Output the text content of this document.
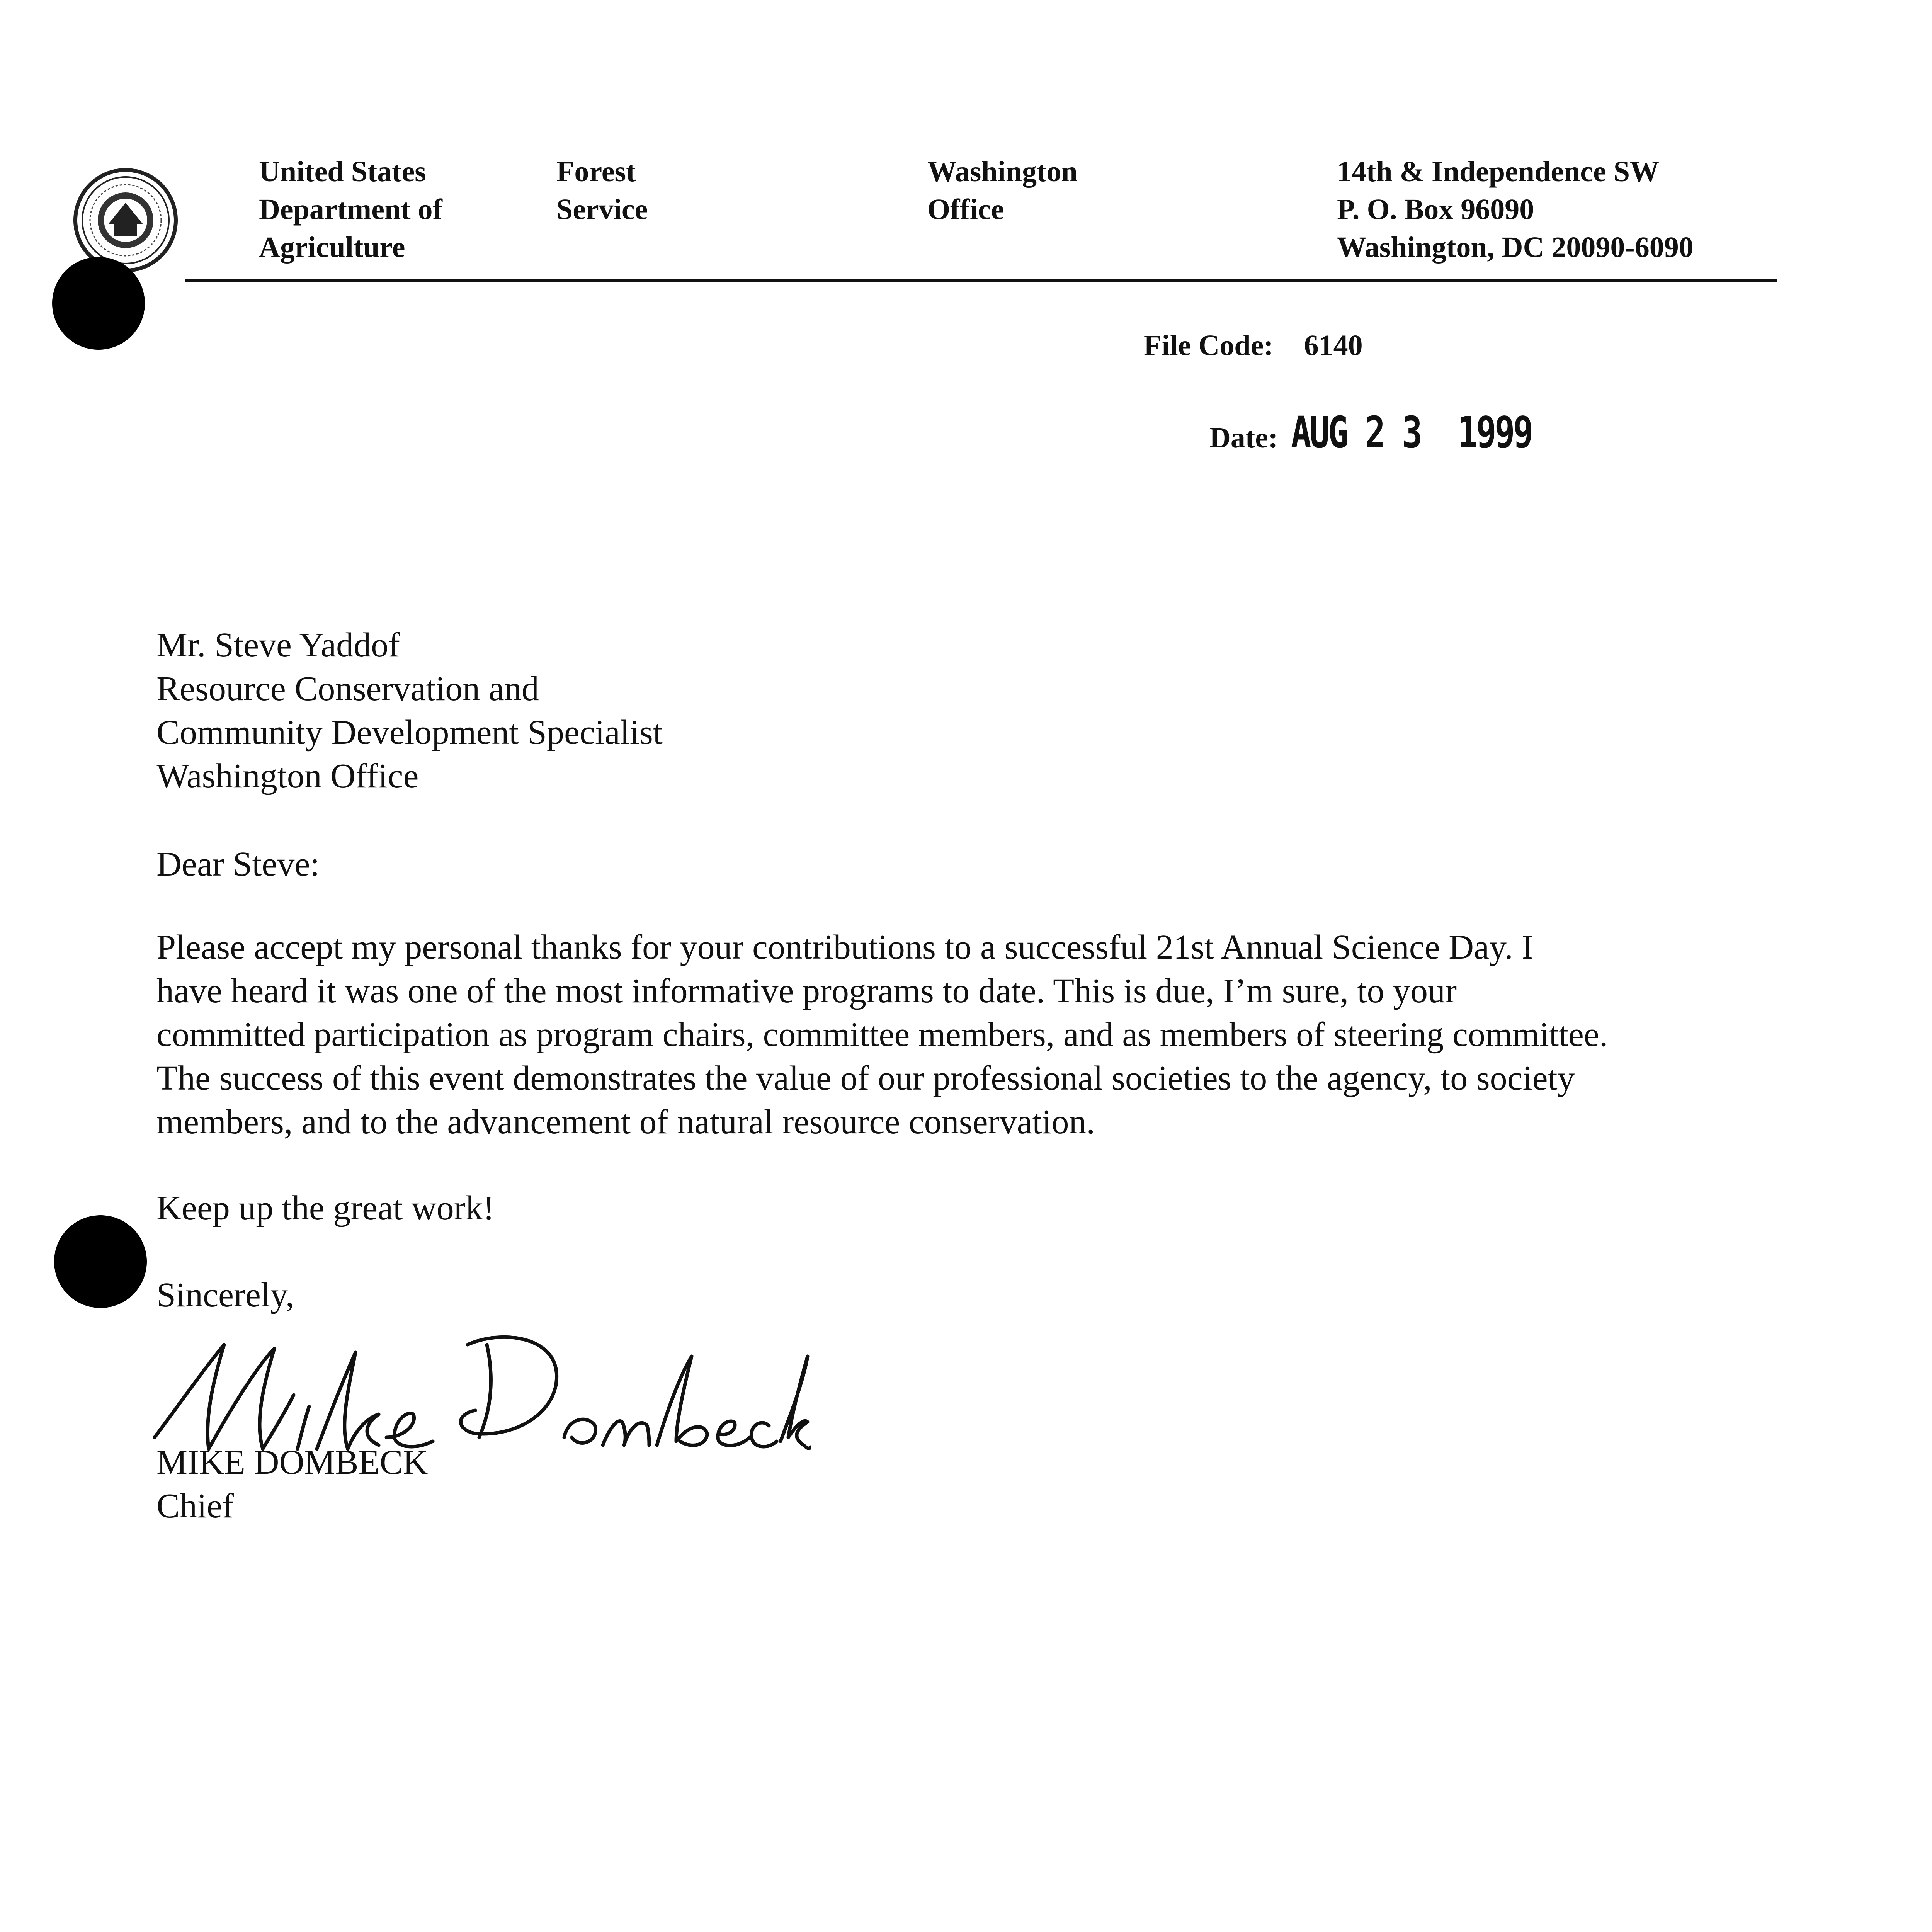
United States
Department of
Agriculture
Forest
Service
Washington
Office
14th & Independence SW
P. O. Box 96090
Washington, DC 20090-6090
File Code: 6140
Date: AUG 2 3  1999
Mr. Steve Yaddof
Resource Conservation and
Community Development Specialist
Washington Office
Dear Steve:
Please accept my personal thanks for your contributions to a successful 21st Annual Science Day. I
have heard it was one of the most informative programs to date. This is due, I’m sure, to your
committed participation as program chairs, committee members, and as members of steering committee.
The success of this event demonstrates the value of our professional societies to the agency, to society
members, and to the advancement of natural resource conservation.
Keep up the great work!
Sincerely,
MIKE DOMBECK
Chief
